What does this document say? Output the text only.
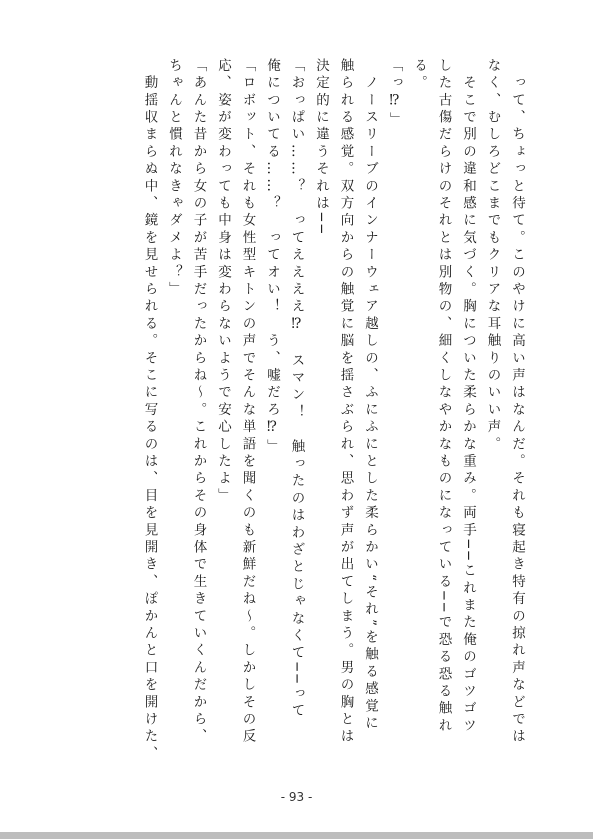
　って、ちょっと待て。このやけに高い声はなんだ。それも寝起き特有の掠れ声などでは

なく、むしろどこまでもクリアな耳触りのいい声。

　そこで別の違和感に気づく。胸についた柔らかな重み。両手──これまた俺のゴツゴツ

した古傷だらけのそれとは別物の、細くしなやかなものになっている──で恐る恐る触れ

る。

「っ⁉」

　ノースリーブのインナーウェア越しの、ふにふにとした柔らかい“それ”を触る感覚に

触られる感覚。双方向からの触覚に脳を揺さぶられ、思わず声が出てしまう。男の胸とは

決定的に違うそれは──

「おっぱい……？　ってええええ⁉　スマン！　触ったのはわざとじゃなくて──って

俺についてる……？　ってオい！　う、嘘だろ⁉」

「ロボット、それも女性型キトンの声でそんな単語を聞くのも新鮮だね～。しかしその反

応、姿が変わっても中身は変わらないようで安心したよ」

「あんた昔から女の子が苦手だったからね～。これからその身体で生きていくんだから、

ちゃんと慣れなきゃダメよ？」

　動揺収まらぬ中、鏡を見せられる。そこに写るのは、目を見開き、ぽかんと口を開けた、

- 93 -
